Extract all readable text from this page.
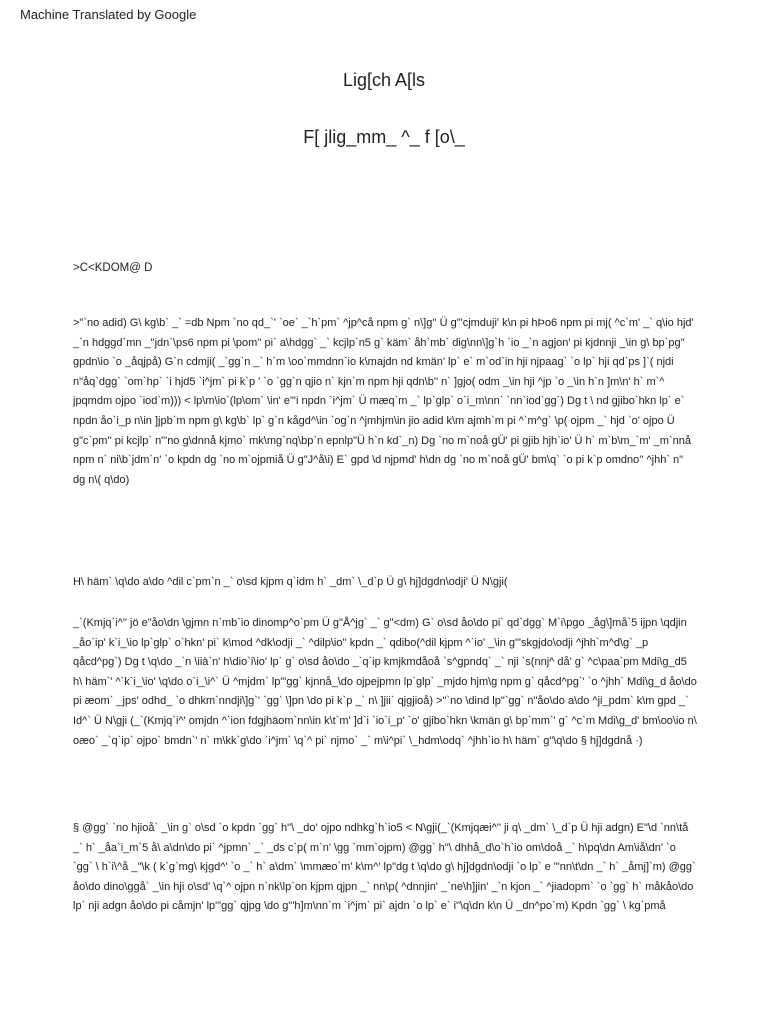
Machine Translated by Google
Lig[ch A[ls
F[ jlig_mm_ ^_ f [o\_
>C<KDOM@ D

>"`no adid) G\ kg\b` _` =db Npm `no qd_`' `oe` _`h`pm` ^jp^cå npm g` n\]g'' Ü g"'cjmduji' k\n pi hÞo6 npm pi mj( ^c`m' _` q\io hjd' _`n hdggd`mn _"jdn`\ps6 npm pi \pom'' pi` a\hdgg` _` kcjlp`n5 g` käm` åh`mb` dig\nn\]g`h `io _`n agjon' pi kjdnnji _\in g\ bp`pg'' gpdn\io `o _åqjpå) G`n cdmji( _`gg`n _` h`m \oo`mmdnn`io k\majdn nd kmän' lp` e` m`od`in hji njpaag` `o lp` hji qd`ps ]`( njdi n"åq`dgg` `om`hp` `i hjd5 `i^jm` pi k`p ' `o `gg`n qjio n` kjn`m npm hji qdn\b'' n` ]gjo( odm _\in hji ^jp `o _\in h`n ]m\n' h` m`^ jpqmdm ojpo `iod`m))) < lp\m\io`(lp\om` \in' e"'i npdn `i^jm` Ü mæq`m _` lp`glp` o`i_m\nn` `nn`iod`gg`) Dg t \ nd gjibo`hkn lp` e` npdn åo`i_p n\in ]jpb`m npm g\ kg\b` lp` g`n kågd^\in `og`n ^jmhjm\in jio adid k\m ajmh`m pi ^`m^g` \p( ojpm _` hjd `o' ojpo Ü g"c`pm'' pi kcjlp` n"'no g\dnnå kjmo` mk\mg`nq\bp`n epnlp"Ü h`n kd`_n) Dg `no m`noå gÜ' pi gjib hjh`io' Ü h` m`b\m_`m' _m`nnå npm n` ni\b`jdm`n' `o kpdn dg `no m`ojpmiå Ü g"J^å\i) E` gpd \d njpmd' h\dn dg `no m`noå gÜ' bm\q` `o pi k`p omdno'' ^jhh` n" dg n\( q\do)

H\ häm` \q\do a\do ^dil c`pm`n _` o\sd kjpm q`idm h` _dm` \_d`p Ü g\ hj]dgdn\odji' Ü N\gji(

_`(Kmjq`i^'' jö e"åo\dn \gjmn n`mb`io dinomp^o`pm Ü g"Å^jg` _` g"<dm) G` o\sd åo\do pi` qd`dgg` M`i\pgo _åg\]må`5 ijpn \qdjin _åo`ip' k`i_\io lp`glp` o`hkn' pi` k\mod ^dk\odji _` ^dilp\io'' kpdn _` qdibo(^dil kjpm ^`io' _\in g"'skgjdo\odji ^jhh`m^d\g` _p qåcd^pg`) Dg t \q\do _`n \iià`n' h\dio`i\io' lp` g` o\sd åo\do _`q`ip kmjkmdåoå `s^gpndq` _` nji `s(nnj^ då' g` ^c\paa`pm Mdi\g_d5 h\ häm`' ^`k`i_\io' \q\do o`i_\i^` Ü ^mjdm` lp"'gg` kjnnå_\do ojpejpmn lp`glp` _mjdo hjm\g npm g` qåcd^pg`' `o ^jhh` Mdi\g_d åo\do pi æom` _jps' odhd_ `o dhkm`nndji\]g`' `gg` \]pn \do pi k`p _` n\ ]jii` qjgjioå) >"`no \dind lp"`gg` n"åo\do a\do ^ji_pdm` k\m gpd _` Id^` Ü N\gji (_`(Kmjq`i^' omjdn ^`ion fdgjhäom`nn\in k\t`m' ]d`i `io`i_p' `o' gjibo`hkn \kmän g\ bp`mm`' g` ^c`m Mdi\g_d' bm\oo\io n\ oæo` _`q`ip` ojpo` bmdn`' n` m\kk`g\do `i^jm` \q`^ pi` njmo` _` m\i^pi` \_hdm\odq` ^jhh`io h\ häm` g"\q\do § hj]dgdnå ·)

§ @gg` `no hjioå` _\in g` o\sd `o kpdn `gg` h"\ _do' ojpo ndhkg`h`io5 < N\gji(_`(Kmjqæi^'' ji q\ _dm` \_d`p Ü hji adgn) E"\d `nn\tå _` h` _åa`i_m`5 å\ a\dn\do pi` ^jpmn` _` _ds c`p( m`n' \gg `mm`ojpm) @gg` h"\ dhhå_d\o`h`io om\doå _` h\pq\dn Am\iå\dn' `o `gg` \ h`i\^å _"\k ( k`g`mg\ kjgd^' `o _` h` a\dm` \mmæo`m' k\m^' lp"dg t \q\do g\ hj]dgdn\odji `o lp` e "'nn\t\dn _` h` _åmj]`m) @gg` åo\do dino\ggå` _\in hji o\sd' \q`^ ojpn n`nk\lp`on kjpm qjpn _` nn\p( ^dnnjin' _`ne\h]jin' _`n kjon _` ^jiadopm` `o `gg` h` måkåo\do lp` nji adgn åo\do pi cåmjn' lp"'gg` qjpg \do g"'h]m\nn`m `i^jm` pi` ajdn `o lp` e` i"\q\dn k\n Ü _dn^po`m) Kpdn `gg` \ kg`pmå
